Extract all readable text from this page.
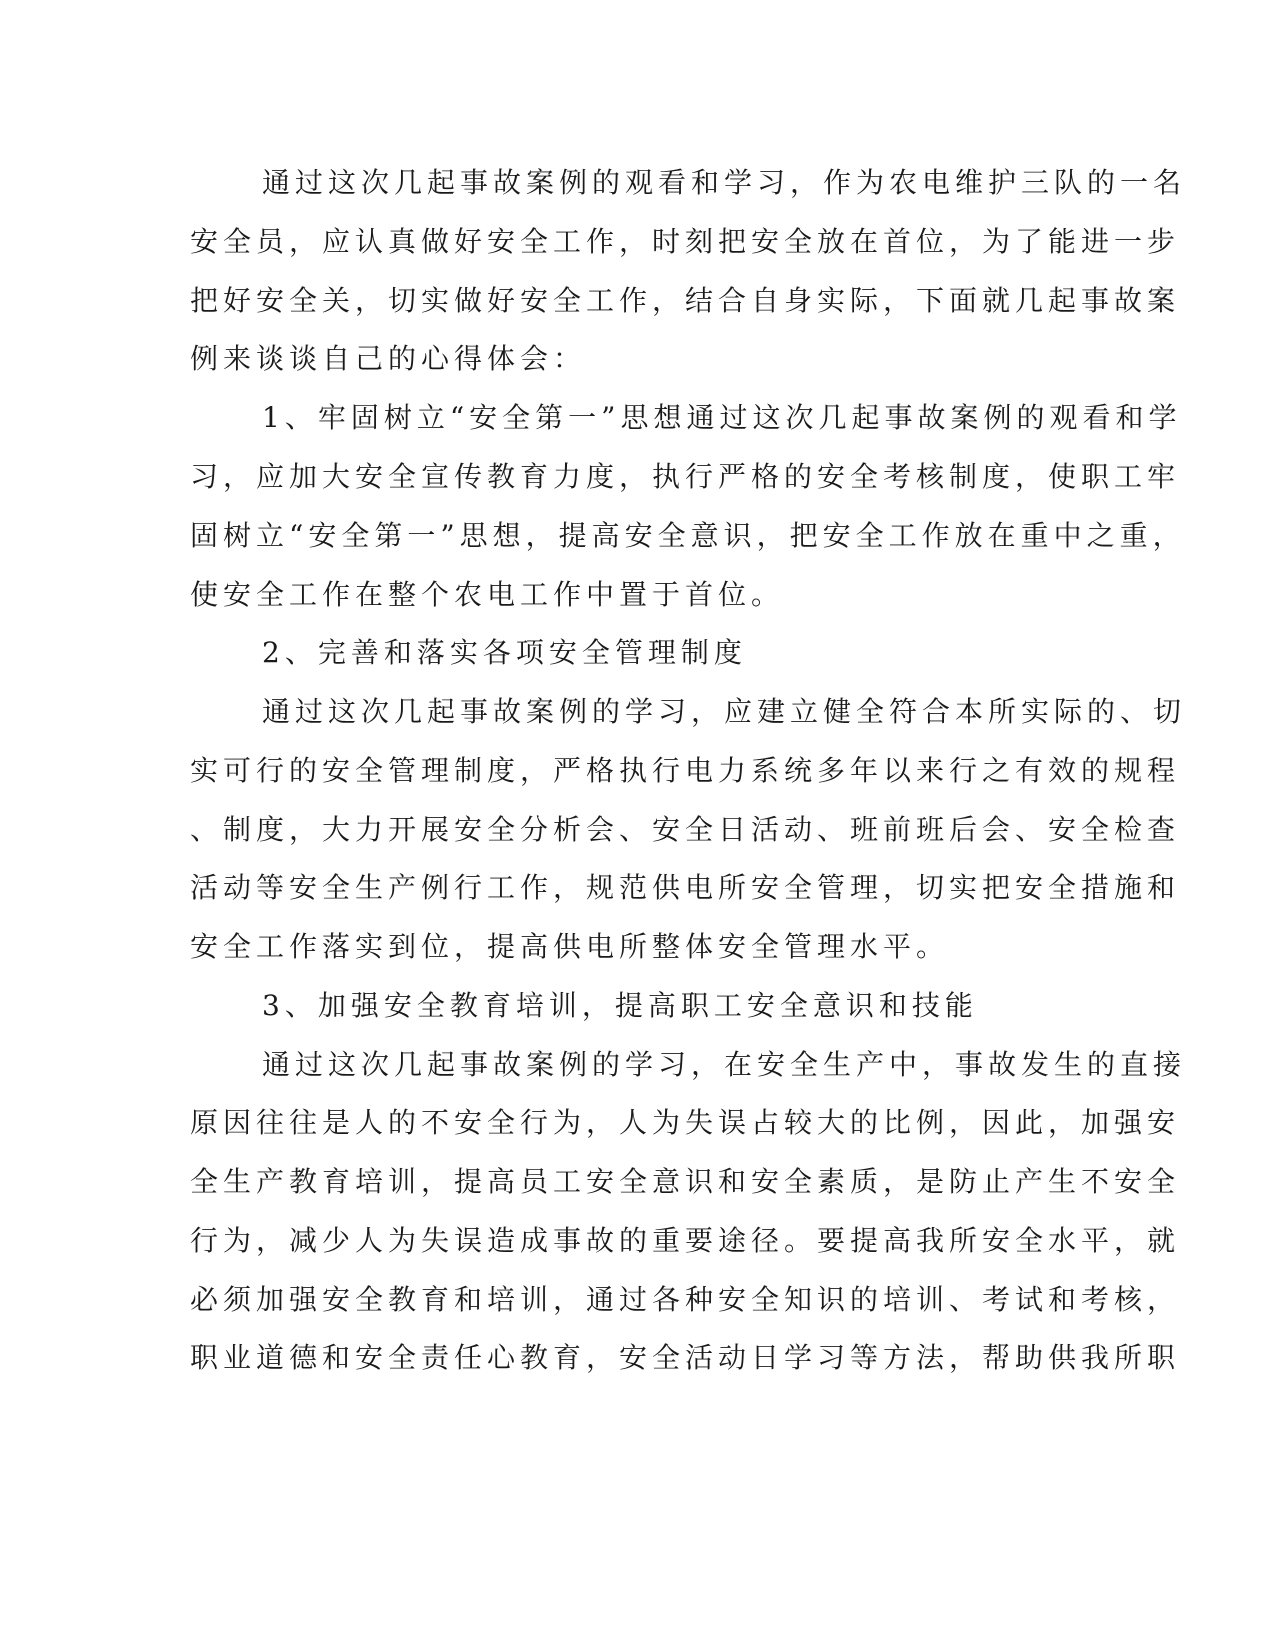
通过这次几起事故案例的观看和学习，作为农电维护三队的一名
安全员，应认真做好安全工作，时刻把安全放在首位，为了能进一步
把好安全关，切实做好安全工作，结合自身实际，下面就几起事故案
例来谈谈自己的心得体会：
1、牢固树立“安全第一”思想通过这次几起事故案例的观看和学
习，应加大安全宣传教育力度，执行严格的安全考核制度，使职工牢
固树立“安全第一”思想，提高安全意识，把安全工作放在重中之重，
使安全工作在整个农电工作中置于首位。
2、完善和落实各项安全管理制度
通过这次几起事故案例的学习，应建立健全符合本所实际的、切
实可行的安全管理制度，严格执行电力系统多年以来行之有效的规程
、制度，大力开展安全分析会、安全日活动、班前班后会、安全检查
活动等安全生产例行工作，规范供电所安全管理，切实把安全措施和
安全工作落实到位，提高供电所整体安全管理水平。
3、加强安全教育培训，提高职工安全意识和技能
通过这次几起事故案例的学习，在安全生产中，事故发生的直接
原因往往是人的不安全行为，人为失误占较大的比例，因此，加强安
全生产教育培训，提高员工安全意识和安全素质，是防止产生不安全
行为，减少人为失误造成事故的重要途径。要提高我所安全水平，就
必须加强安全教育和培训，通过各种安全知识的培训、考试和考核，
职业道德和安全责任心教育，安全活动日学习等方法，帮助供我所职
